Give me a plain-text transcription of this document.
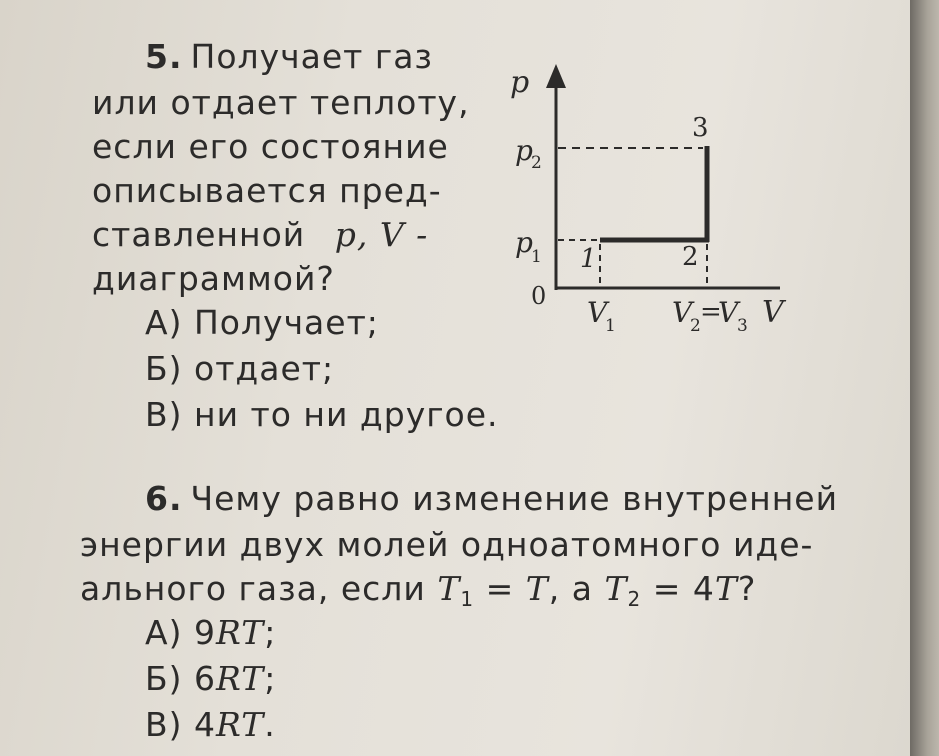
5. Получает газ
или отдает теплоту,
если его состояние
описывается пред-
ставленной p, V -
диаграммой?
А) Получает;
Б) отдает;
В) ни то ни другое.
p
p
2
p
1
0
1	2
3
V
1 V
2 =
V
3 V
6. Чему равно изменение внутренней
энергии двух молей одноатомного иде-
ального газа, если $T_1 = T$, а $T_2 = 4T$?
А) 9RT;
Б) 6RT;
В) 4RT.
